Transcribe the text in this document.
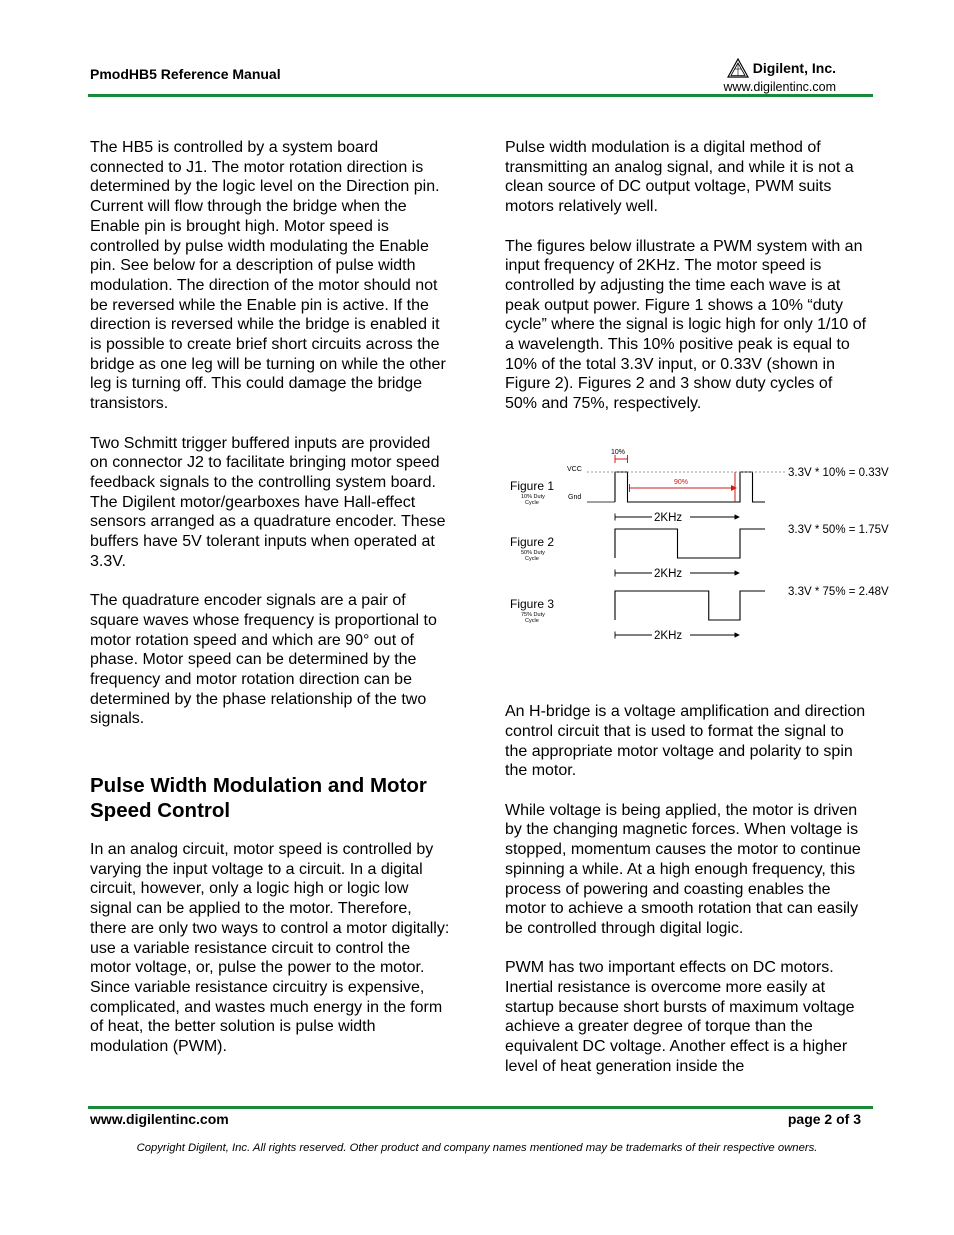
PmodHB5 Reference Manual	Digilent, Inc.
www.digilentinc.com

The HB5 is controlled by a system board connected to J1. The motor rotation direction is determined by the logic level on the Direction pin. Current will flow through the bridge when the Enable pin is brought high. Motor speed is controlled by pulse width modulating the Enable pin. See below for a description of pulse width modulation. The direction of the motor should not be reversed while the Enable pin is active. If the direction is reversed while the bridge is enabled it is possible to create brief short circuits across the bridge as one leg will be turning on while the other leg is turning off. This could damage the bridge transistors.

Two Schmitt trigger buffered inputs are provided on connector J2 to facilitate bringing motor speed feedback signals to the controlling system board. The Digilent motor/gearboxes have Hall-effect sensors arranged as a quadrature encoder. These buffers have 5V tolerant inputs when operated at 3.3V.

The quadrature encoder signals are a pair of square waves whose frequency is proportional to motor rotation speed and which are 90° out of phase. Motor speed can be determined by the frequency and motor rotation direction can be determined by the phase relationship of the two signals.

Pulse Width Modulation and Motor Speed Control

In an analog circuit, motor speed is controlled by varying the input voltage to a circuit. In a digital circuit, however, only a logic high or logic low signal can be applied to the motor. Therefore, there are only two ways to control a motor digitally: use a variable resistance circuit to control the motor voltage, or, pulse the power to the motor. Since variable resistance circuitry is expensive, complicated, and wastes much energy in the form of heat, the better solution is pulse width modulation (PWM).

Pulse width modulation is a digital method of transmitting an analog signal, and while it is not a clean source of DC output voltage, PWM suits motors relatively well.

The figures below illustrate a PWM system with an input frequency of 2KHz. The motor speed is controlled by adjusting the time each wave is at peak output power. Figure 1 shows a 10% “duty cycle” where the signal is logic high for only 1/10 of a wavelength. This 10% positive peak is equal to 10% of the total 3.3V input, or 0.33V (shown in Figure 2). Figures 2 and 3 show duty cycles of 50% and 75%, respectively.

VCC
Gnd
10%
90%
Figure 1
10% Duty
Cycle
3.3V * 10% = 0.33V
2KHz
Figure 2
50% Duty
Cycle
3.3V * 50% = 1.75V
2KHz
Figure 3
75% Duty
Cycle
3.3V * 75% = 2.48V
2KHz

An H-bridge is a voltage amplification and direction control circuit that is used to format the signal to the appropriate motor voltage and polarity to spin the motor.

While voltage is being applied, the motor is driven by the changing magnetic forces. When voltage is stopped, momentum causes the motor to continue spinning a while. At a high enough frequency, this process of powering and coasting enables the motor to achieve a smooth rotation that can easily be controlled through digital logic.

PWM has two important effects on DC motors. Inertial resistance is overcome more easily at startup because short bursts of maximum voltage achieve a greater degree of torque than the equivalent DC voltage. Another effect is a higher level of heat generation inside the

www.digilentinc.com	page 2 of 3
Copyright Digilent, Inc. All rights reserved. Other product and company names mentioned may be trademarks of their respective owners.
